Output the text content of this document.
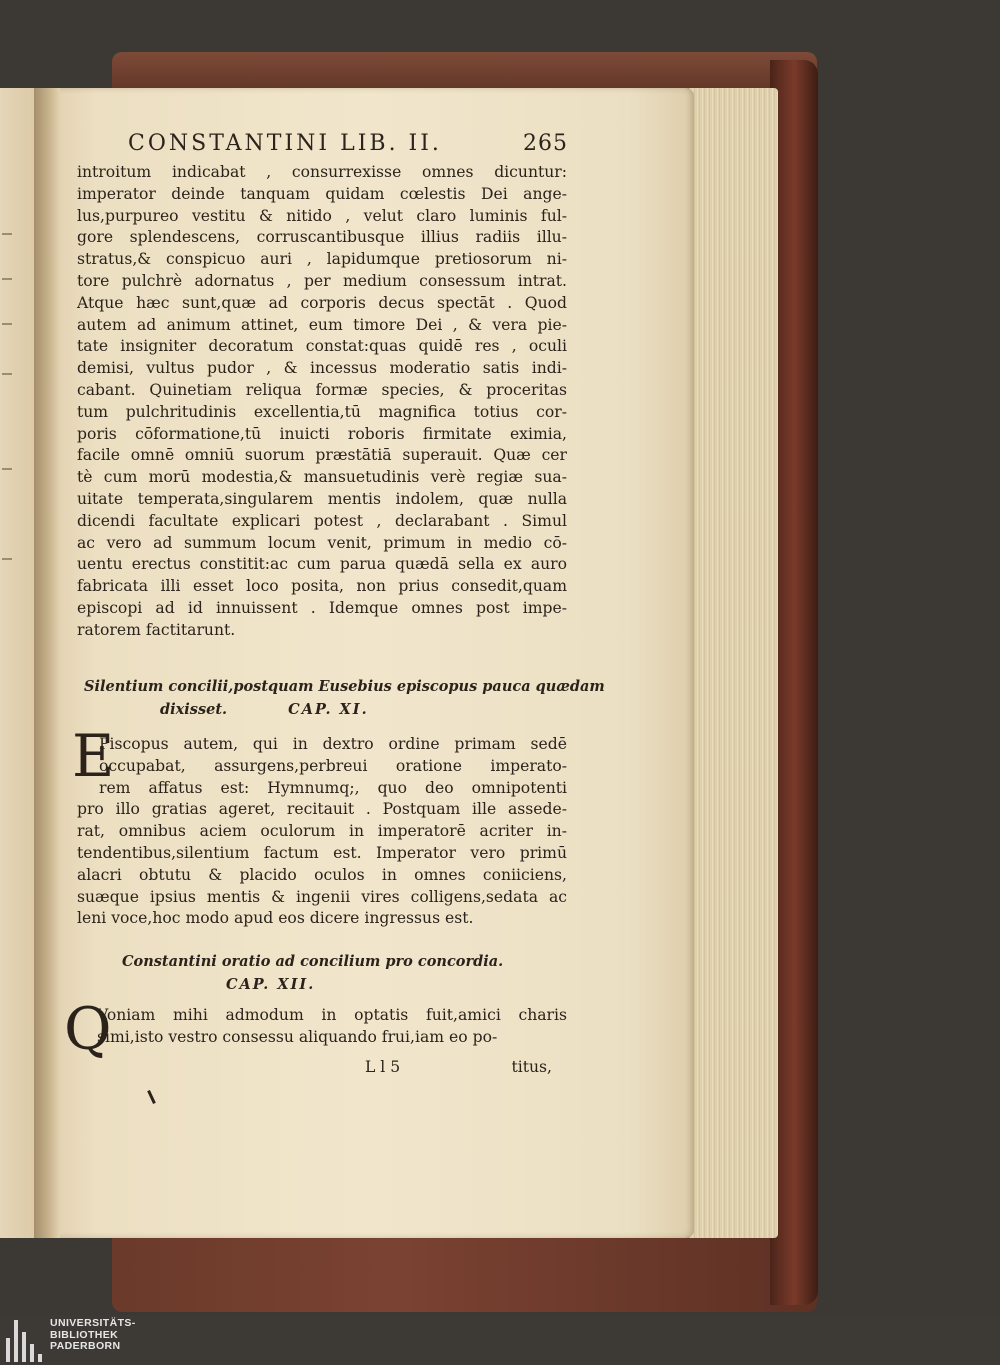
CONSTANTINI LIB. II.	265
introitum indicabat , consurrexisse omnes dicuntur:
imperator deinde tanquam quidam cœlestis Dei ange-
lus,purpureo vestitu & nitido , velut claro luminis ful-
gore splendescens, corruscantibusque illius radiis illu-
stratus,& conspicuo auri , lapidumque pretiosorum ni-
tore pulchrè adornatus , per medium consessum intrat.
Atque hæc sunt,quæ ad corporis decus spectāt . Quod
autem ad animum attinet, eum timore Dei , & vera pie-
tate insigniter decoratum constat:quas quidē res , oculi
demisi, vultus pudor , & incessus moderatio satis indi-
cabant. Quinetiam reliqua formæ species, & proceritas
tum pulchritudinis excellentia,tū magnifica totius cor-
poris cōformatione,tū inuicti roboris firmitate eximia,
facile omnē omniū suorum præstātiā superauit. Quæ cer
tè cum morū modestia,& mansuetudinis verè regiæ sua-
uitate temperata,singularem mentis indolem, quæ nulla
dicendi facultate explicari potest , declarabant . Simul
ac vero ad summum locum venit, primum in medio cō-
uentu erectus constitit:ac cum parua quædā sella ex auro
fabricata illi esset loco posita, non prius consedit,quam
episcopi ad id innuissent . Idemque omnes post impe-
ratorem factitarunt.
Silentium concilii,postquam Eusebius episcopus pauca quædam
dixisset.	CAP. XI.
E
Piscopus autem, qui in dextro ordine primam sedē
occupabat, assurgens,perbreui oratione imperato-
rem affatus est: Hymnumq;, quo deo omnipotenti
pro illo gratias ageret, recitauit . Postquam ille assede-
rat, omnibus aciem oculorum in imperatorē acriter in-
tendentibus,silentium factum est. Imperator vero primū
alacri obtutu & placido oculos in omnes coniiciens,
suæque ipsius mentis & ingenii vires colligens,sedata ac
leni voce,hoc modo apud eos dicere ingressus est.
Constantini oratio ad concilium pro concordia.
CAP. XII.
Q
Voniam mihi admodum in optatis fuit,amici charis
simi,isto vestro consessu aliquando frui,iam eo po-
L l 5	titus,
UNIVERSITÄTS-
BIBLIOTHEK
PADERBORN
